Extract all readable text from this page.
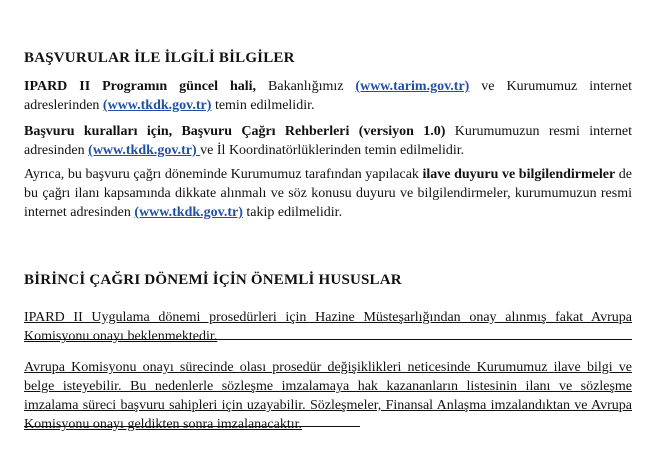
BAŞVURULAR İLE İLGİLİ BİLGİLER
IPARD II Programın güncel hali, Bakanlığımız (www.tarim.gov.tr) ve Kurumumuz internet adreslerinden (www.tkdk.gov.tr) temin edilmelidir.
Başvuru kuralları için, Başvuru Çağrı Rehberleri (versiyon 1.0) Kurumumuzun resmi internet adresinden (www.tkdk.gov.tr) ve İl Koordinatörlüklerinden temin edilmelidir.
Ayrıca, bu başvuru çağrı döneminde Kurumumuz tarafından yapılacak ilave duyuru ve bilgilendirmeler de bu çağrı ilanı kapsamında dikkate alınmalı ve söz konusu duyuru ve bilgilendirmeler, kurumumuzun resmi internet adresinden (www.tkdk.gov.tr) takip edilmelidir.
BİRİNCİ ÇAĞRI DÖNEMİ İÇİN ÖNEMLİ HUSUSLAR
IPARD II Uygulama dönemi prosedürleri için Hazine Müsteşarlığından onay alınmış fakat Avrupa Komisyonu onayı beklenmektedir.
Avrupa Komisyonu onayı sürecinde olası prosedür değişiklikleri neticesinde Kurumumuz ilave bilgi ve belge isteyebilir. Bu nedenlerle sözleşme imzalamaya hak kazananların listesinin ilanı ve sözleşme imzalama süreci başvuru sahipleri için uzayabilir. Sözleşmeler, Finansal Anlaşma imzalandıktan ve Avrupa Komisyonu onayı geldikten sonra imzalanacaktır.
